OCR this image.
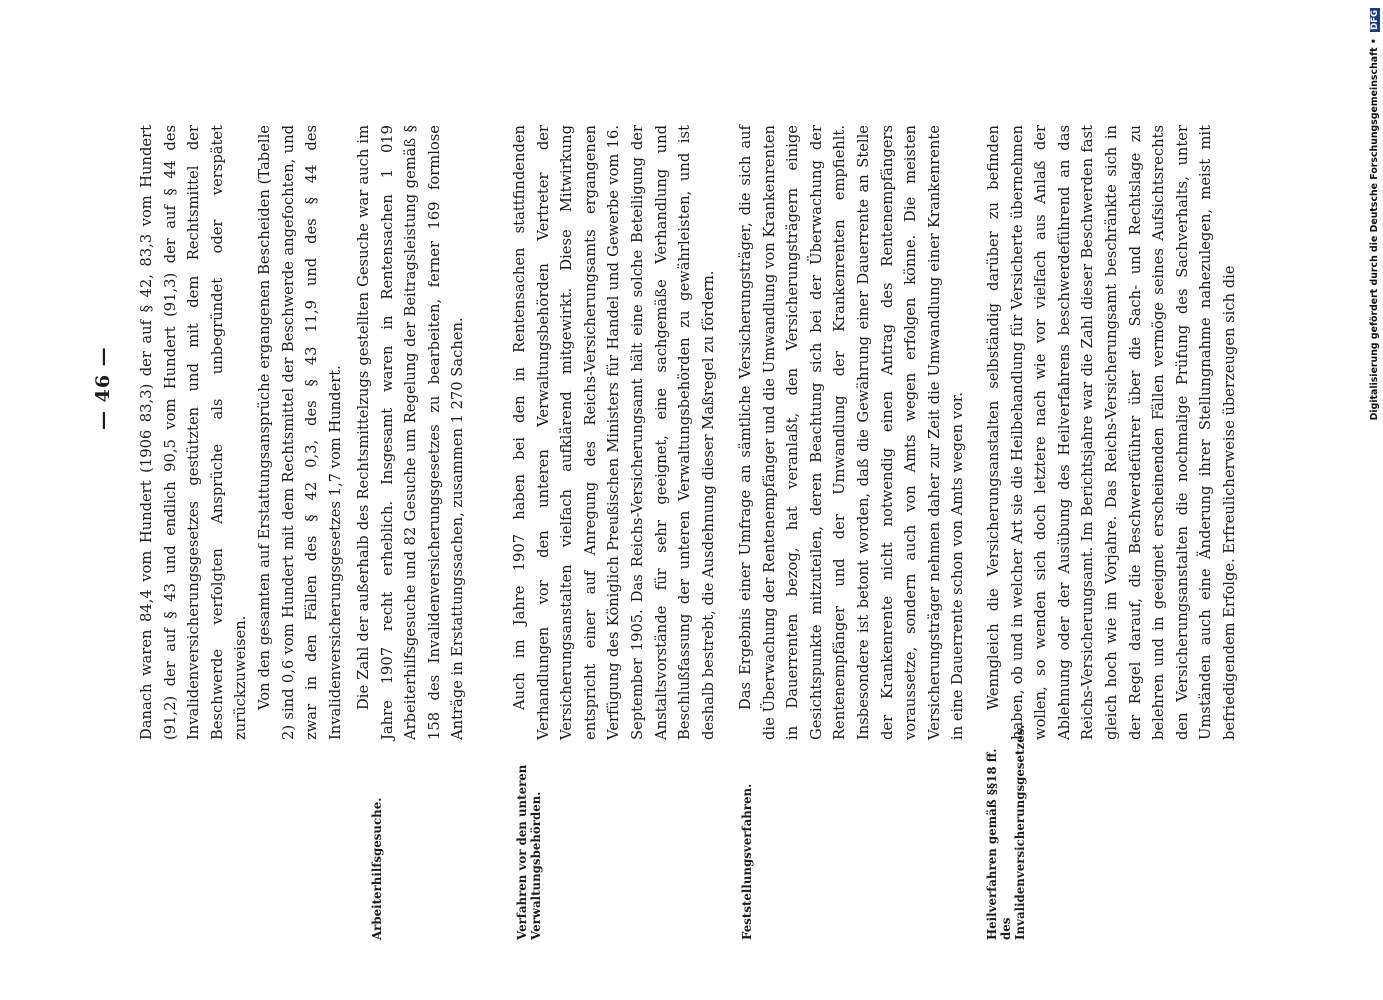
— 46 — Danach waren 84,4 vom Hundert (1906 83,3) der auf § 42, 83,3 vom Hundert (91,2) der auf § 43 und endlich 90,5 vom Hundert (91,3) der auf § 44 des Invalidenversicherungsgesetzes gestützten und mit dem Rechtsmittel der Beschwerde verfolgten Ansprüche als unbegründet oder verspätet zurückzuweisen. Von den gesamten auf Erstattungsansprüche ergangenen Bescheiden (Tabelle 2) sind 0,6 vom Hundert mit dem Rechtsmittel der Beschwerde angefochten, und zwar in den Fällen des § 42 0,3, des § 43 11,9 und des § 44 des Invalidenversicherungsgesetzes 1,7 vom Hundert.

Arbeiterhilfsgesuche.

Die Zahl der außerhalb des Rechtsmittelzugs gestellten Gesuche war auch im Jahre 1907 recht erheblich. Insgesamt waren in Rentensachen 1 019 Arbeiterhilfsgesuche und 82 Gesuche um Regelung der Beitragsleistung gemäß § 158 des Invalidenversicherungsgesetzes zu bearbeiten, ferner 169 formlose Anträge in Erstattungssachen, zusammen 1 270 Sachen.

Verfahren vor den unteren Verwaltungsbehörden.

Auch im Jahre 1907 haben bei den in Rentensachen stattfindenden Verhandlungen vor den unteren Verwaltungsbehörden Vertreter der Versicherungsanstalten vielfach aufklärend mitgewirkt. Diese Mitwirkung entspricht einer auf Anregung des Reichs-Versicherungsamts ergangenen Verfügung des Königlich Preußischen Ministers für Handel und Gewerbe vom 16. September 1905. Das Reichs-Versicherungsamt hält eine solche Beteiligung der Anstaltsvorstände für sehr geeignet, eine sachgemäße Verhandlung und Beschlußfassung der unteren Verwaltungsbehörden zu gewährleisten, und ist deshalb bestrebt, die Ausdehnung dieser Maßregel zu fördern.

Feststellungsverfahren.

Das Ergebnis einer Umfrage an sämtliche Versicherungsträger, die sich auf die Überwachung der Rentenempfänger und die Umwandlung von Krankenrenten in Dauerrenten bezog, hat veranlaßt, den Versicherungsträgern einige Gesichtspunkte mitzuteilen, deren Beachtung sich bei der Überwachung der Rentenempfänger und der Umwandlung der Krankenrenten empfiehlt. Insbesondere ist betont worden, daß die Gewährung einer Dauerrente an Stelle der Krankenrente nicht notwendig einen Antrag des Rentenempfängers voraussetze, sondern auch von Amts wegen erfolgen könne. Die meisten Versicherungsträger nehmen daher zur Zeit die Umwandlung einer Krankenrente in eine Dauerrente schon von Amts wegen vor.

Heilverfahren gemäß §§18 ff. des Invalidenversicherungsgesetzes.

Wenngleich die Versicherungsanstalten selbständig darüber zu befinden haben, ob und in welcher Art sie die Heilbehandlung für Versicherte übernehmen wollen, so wenden sich doch letztere nach wie vor vielfach aus Anlaß der Ablehnung oder der Ausübung des Heilverfahrens beschwerdeführend an das Reichs-Versicherungsamt. Im Berichtsjahre war die Zahl dieser Beschwerden fast gleich hoch wie im Vorjahre. Das Reichs-Versicherungsamt beschränkte sich in der Regel darauf, die Beschwerdeführer über die Sach- und Rechtslage zu belehren und in geeignet erscheinenden Fällen vermöge seines Aufsichtsrechts den Versicherungsanstalten die nochmalige Prüfung des Sachverhalts, unter Umständen auch eine Änderung ihrer Stellungnahme nahezulegen, meist mit befriedigendem Erfolge. Erfreulicherweise überzeugen sich die

Digitalisierung gefördert durch die Deutsche Forschungsgemeinschaft • DFG
